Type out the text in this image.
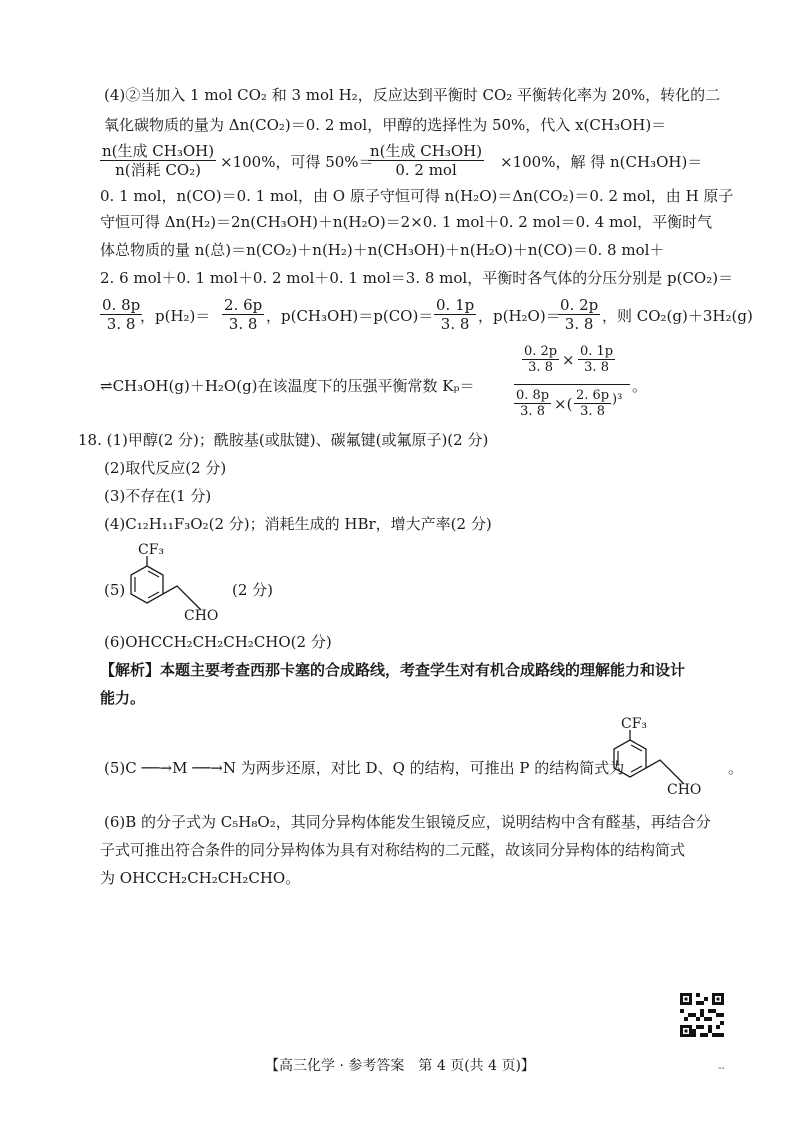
(4)②当加入 1 mol CO₂ 和 3 mol H₂，反应达到平衡时 CO₂ 平衡转化率为 20%，转化的二
氧化碳物质的量为 Δn(CO₂)＝0. 2 mol，甲醇的选择性为 50%，代入 x(CH₃OH)＝
n(生成 CH₃OH)
n(消耗 CO₂)	×100%，可得 50%＝
n(生成 CH₃OH)
0. 2 mol	×100%，解 得 n(CH₃OH)＝
0. 1 mol，n(CO)＝0. 1 mol，由 O 原子守恒可得 n(H₂O)＝Δn(CO₂)＝0. 2 mol，由 H 原子
守恒可得 Δn(H₂)＝2n(CH₃OH)＋n(H₂O)＝2×0. 1 mol＋0. 2 mol＝0. 4 mol，平衡时气
体总物质的量 n(总)＝n(CO₂)＋n(H₂)＋n(CH₃OH)＋n(H₂O)＋n(CO)＝0. 8 mol＋
2. 6 mol＋0. 1 mol＋0. 2 mol＋0. 1 mol＝3. 8 mol，平衡时各气体的分压分别是 p(CO₂)＝
$\frac{0. 8p}{3. 8}$
，$p(H_2)= \frac{2. 6p}{3. 8}$ ，$p(CH_3OH)=p(CO)= \frac{0. 1p}{3. 8}$ ，p(H₂O)＝
$\frac{0. 2p}{3. 8}$ ，则 CO₂(g)＋3H₂(g)
⇌CH₃OH(g)＋H₂O(g)在该温度下的压强平衡常数 Kₚ＝
$\frac{0. 2p}{3. 8} \times \frac{0. 1p}{3. 8}$
$\frac{0. 8p}{3. 8}$ ×( $\frac{2. 6p}{3. 8} )^3$
。
18. (1)甲醇(2 分)；酰胺基(或肽键)、碳氟键(或氟原子)(2 分)
(2)取代反应(2 分)
(3)不存在(1 分)
(4)C₁₂H₁₁F₃O₂(2 分)；消耗生成的 HBr，增大产率(2 分)
(5)
CF₃
CHO
(2 分)
(6)OHCCH₂CH₂CH₂CHO(2 分)
【解析】本题主要考查西那卡塞的合成路线，考查学生对有机合成路线的理解能力和设计
能力。
(5)C ──→M ──→N 为两步还原，对比 D、Q 的结构，可推出 P 的结构简式为
CF₃
CHO
。
(6)B 的分子式为 C₅H₈O₂，其同分异构体能发生银镜反应，说明结构中含有醛基，再结合分
子式可推出符合条件的同分异构体为具有对称结构的二元醛，故该同分异构体的结构简式
为 OHCCH₂CH₂CH₂CHO。
【高三化学 · 参考答案　第 4 页(共 4 页)】	--
